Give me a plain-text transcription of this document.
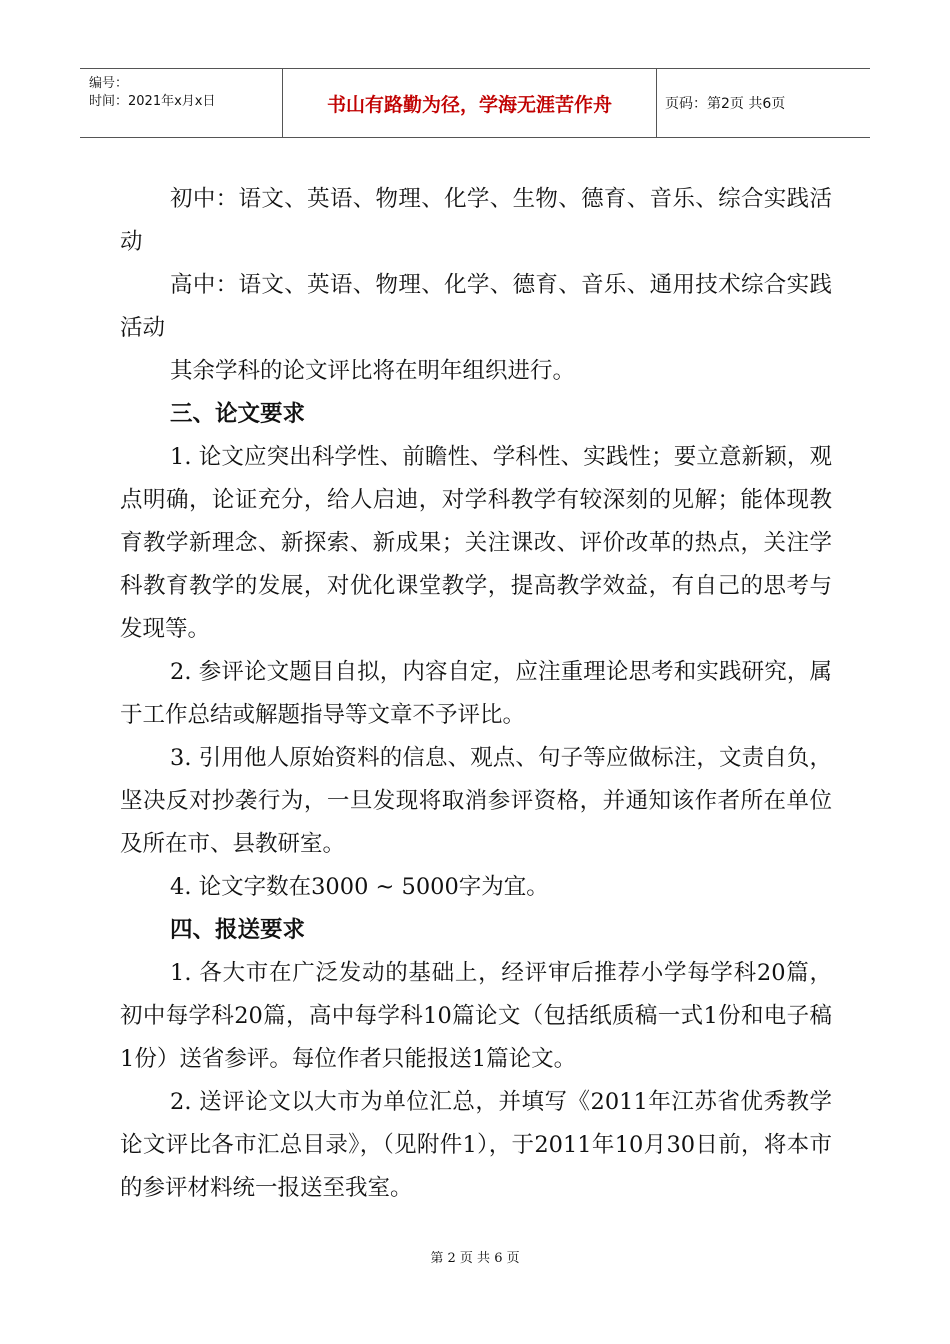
编号：
时间：2021年x月x日	书山有路勤为径，学海无涯苦作舟	页码：第2页 共6页

初中：语文、英语、物理、化学、生物、德育、音乐、综合实践活动

高中：语文、英语、物理、化学、德育、音乐、通用技术综合实践活动

其余学科的论文评比将在明年组织进行。

三、论文要求

1. 论文应突出科学性、前瞻性、学科性、实践性；要立意新颖，观点明确，论证充分，给人启迪，对学科教学有较深刻的见解；能体现教育教学新理念、新探索、新成果；关注课改、评价改革的热点，关注学科教育教学的发展，对优化课堂教学，提高教学效益，有自己的思考与发现等。

2. 参评论文题目自拟，内容自定，应注重理论思考和实践研究，属于工作总结或解题指导等文章不予评比。

3. 引用他人原始资料的信息、观点、句子等应做标注，文责自负，坚决反对抄袭行为，一旦发现将取消参评资格，并通知该作者所在单位及所在市、县教研室。

4. 论文字数在3000 ~ 5000字为宜。

四、报送要求

1. 各大市在广泛发动的基础上，经评审后推荐小学每学科20篇，初中每学科20篇，高中每学科10篇论文（包括纸质稿一式1份和电子稿1份）送省参评。每位作者只能报送1篇论文。

2. 送评论文以大市为单位汇总，并填写《2011年江苏省优秀教学论文评比各市汇总目录》，（见附件1），于2011年10月30日前，将本市的参评材料统一报送至我室。

第 2 页 共 6 页
